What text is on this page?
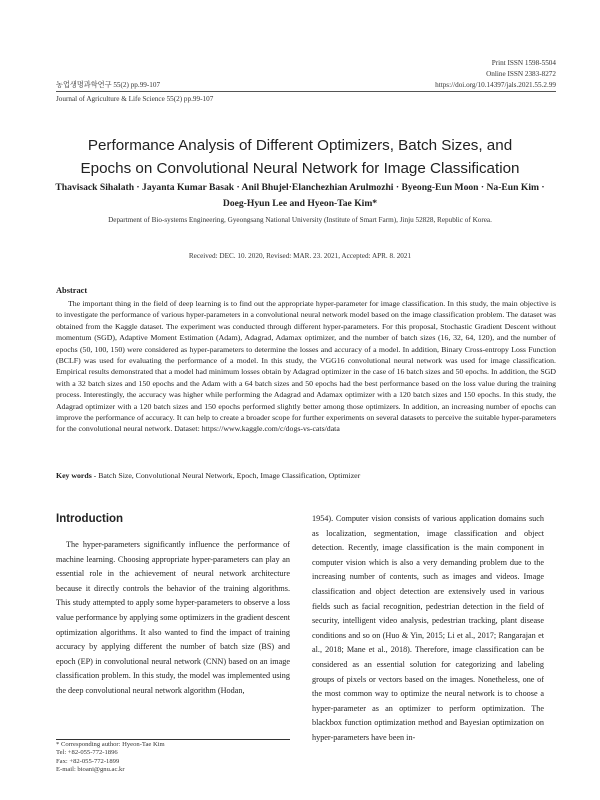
Print ISSN 1598-5504
Online ISSN 2383-8272
https://doi.org/10.14397/jals.2021.55.2.99
농업생명과학연구 55(2) pp.99-107
Journal of Agriculture & Life Science 55(2) pp.99-107
Performance Analysis of Different Optimizers, Batch Sizes, and
Epochs on Convolutional Neural Network for Image Classification
Thavisack Sihalath · Jayanta Kumar Basak · Anil Bhujel·Elanchezhian Arulmozhi · Byeong-Eun Moon · Na-Eun Kim ·
Doeg-Hyun Lee and Hyeon-Tae Kim*
Department of Bio-systems Engineering, Gyeongsang National University (Institute of Smart Farm), Jinju 52828, Republic of Korea.
Received: DEC. 10. 2020, Revised: MAR. 23. 2021, Accepted: APR. 8. 2021
Abstract
The important thing in the field of deep learning is to find out the appropriate hyper-parameter for image classification. In this study, the main objective is to investigate the performance of various hyper-parameters in a convolutional neural network model based on the image classification problem. The dataset was obtained from the Kaggle dataset. The experiment was conducted through different hyper-parameters. For this proposal, Stochastic Gradient Descent without momentum (SGD), Adaptive Moment Estimation (Adam), Adagrad, Adamax optimizer, and the number of batch sizes (16, 32, 64, 120), and the number of epochs (50, 100, 150) were considered as hyper-parameters to determine the losses and accuracy of a model. In addition, Binary Cross-entropy Loss Function (BCLF) was used for evaluating the performance of a model. In this study, the VGG16 convolutional neural network was used for image classification. Empirical results demonstrated that a model had minimum losses obtain by Adagrad optimizer in the case of 16 batch sizes and 50 epochs. In addition, the SGD with a 32 batch sizes and 150 epochs and the Adam with a 64 batch sizes and 50 epochs had the best performance based on the loss value during the training process. Interestingly, the accuracy was higher while performing the Adagrad and Adamax optimizer with a 120 batch sizes and 150 epochs. In this study, the Adagrad optimizer with a 120 batch sizes and 150 epochs performed slightly better among those optimizers. In addition, an increasing number of epochs can improve the performance of accuracy. It can help to create a broader scope for further experiments on several datasets to perceive the suitable hyper-parameters for the convolutional neural network. Dataset: https://www.kaggle.com/c/dogs-vs-cats/data
Key words - Batch Size, Convolutional Neural Network, Epoch, Image Classification, Optimizer
Introduction
The hyper-parameters significantly influence the performance of machine learning. Choosing appropriate hyper-parameters can play an essential role in the achievement of neural network architecture because it directly controls the behavior of the training algorithms. This study attempted to apply some hyper-parameters to observe a loss value performance by applying some optimizers in the gradient descent optimization algorithms. It also wanted to find the impact of training accuracy by applying different the number of batch size (BS) and epoch (EP) in convolutional neural network (CNN) based on an image classification problem. In this study, the model was implemented using the deep convolutional neural network algorithm (Hodan,
1954). Computer vision consists of various application domains such as localization, segmentation, image classification and object detection. Recently, image classification is the main component in computer vision which is also a very demanding problem due to the increasing number of contents, such as images and videos. Image classification and object detection are extensively used in various fields such as facial recognition, pedestrian detection in the field of security, intelligent video analysis, pedestrian tracking, plant disease conditions and so on (Huo & Yin, 2015; Li et al., 2017; Rangarajan et al., 2018; Mane et al., 2018). Therefore, image classification can be considered as an essential solution for categorizing and labeling groups of pixels or vectors based on the images. Nonetheless, one of the most common way to optimize the neural network is to choose a hyper-parameter as an optimizer to perform optimization. The blackbox function optimization method and Bayesian optimization on hyper-parameters have been in-
* Corresponding author: Hyeon-Tae Kim
Tel: +82-055-772-1896
Fax: +82-055-772-1899
E-mail: bioani@gnu.ac.kr
